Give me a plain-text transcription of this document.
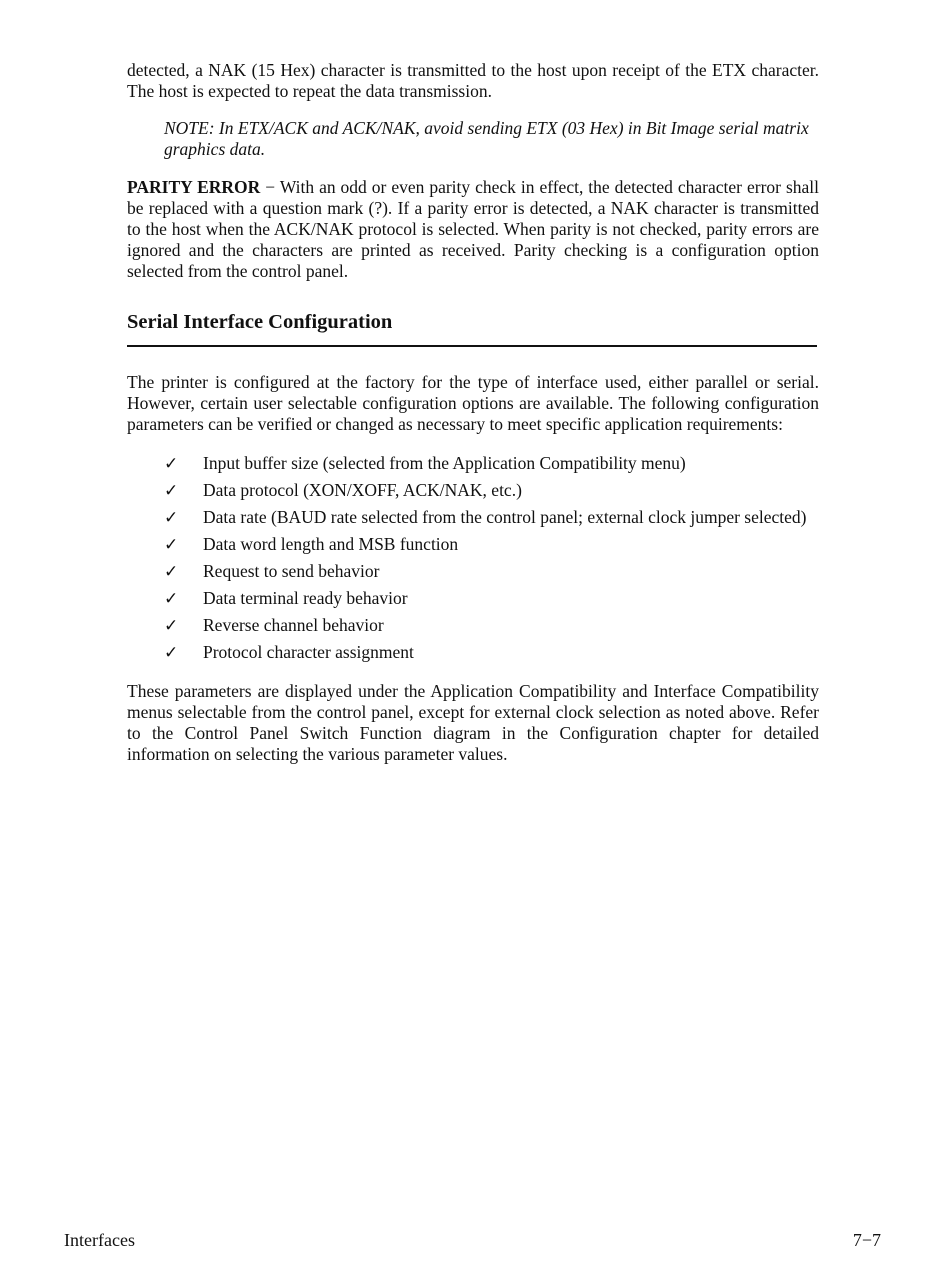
detected, a NAK (15 Hex) character is transmitted to the host upon receipt of the ETX character. The host is expected to repeat the data transmission.

NOTE: In ETX/ACK and ACK/NAK, avoid sending ETX (03 Hex) in Bit Image serial matrix graphics data.

PARITY ERROR − With an odd or even parity check in effect, the detected character error shall be replaced with a question mark (?). If a parity error is detected, a NAK character is transmitted to the host when the ACK/NAK protocol is selected. When parity is not checked, parity errors are ignored and the characters are printed as received. Parity checking is a configuration option selected from the control panel.

Serial Interface Configuration

The printer is configured at the factory for the type of interface used, either parallel or serial. However, certain user selectable configuration options are available. The following configuration parameters can be verified or changed as necessary to meet specific application requirements:

✓ Input buffer size (selected from the Application Compatibility menu)
✓ Data protocol (XON/XOFF, ACK/NAK, etc.)
✓ Data rate (BAUD rate selected from the control panel; external clock jumper selected)
✓ Data word length and MSB function
✓ Request to send behavior
✓ Data terminal ready behavior
✓ Reverse channel behavior
✓ Protocol character assignment

These parameters are displayed under the Application Compatibility and Interface Compatibility menus selectable from the control panel, except for external clock selection as noted above. Refer to the Control Panel Switch Function diagram in the Configuration chapter for detailed information on selecting the various parameter values.

Interfaces	7−7
